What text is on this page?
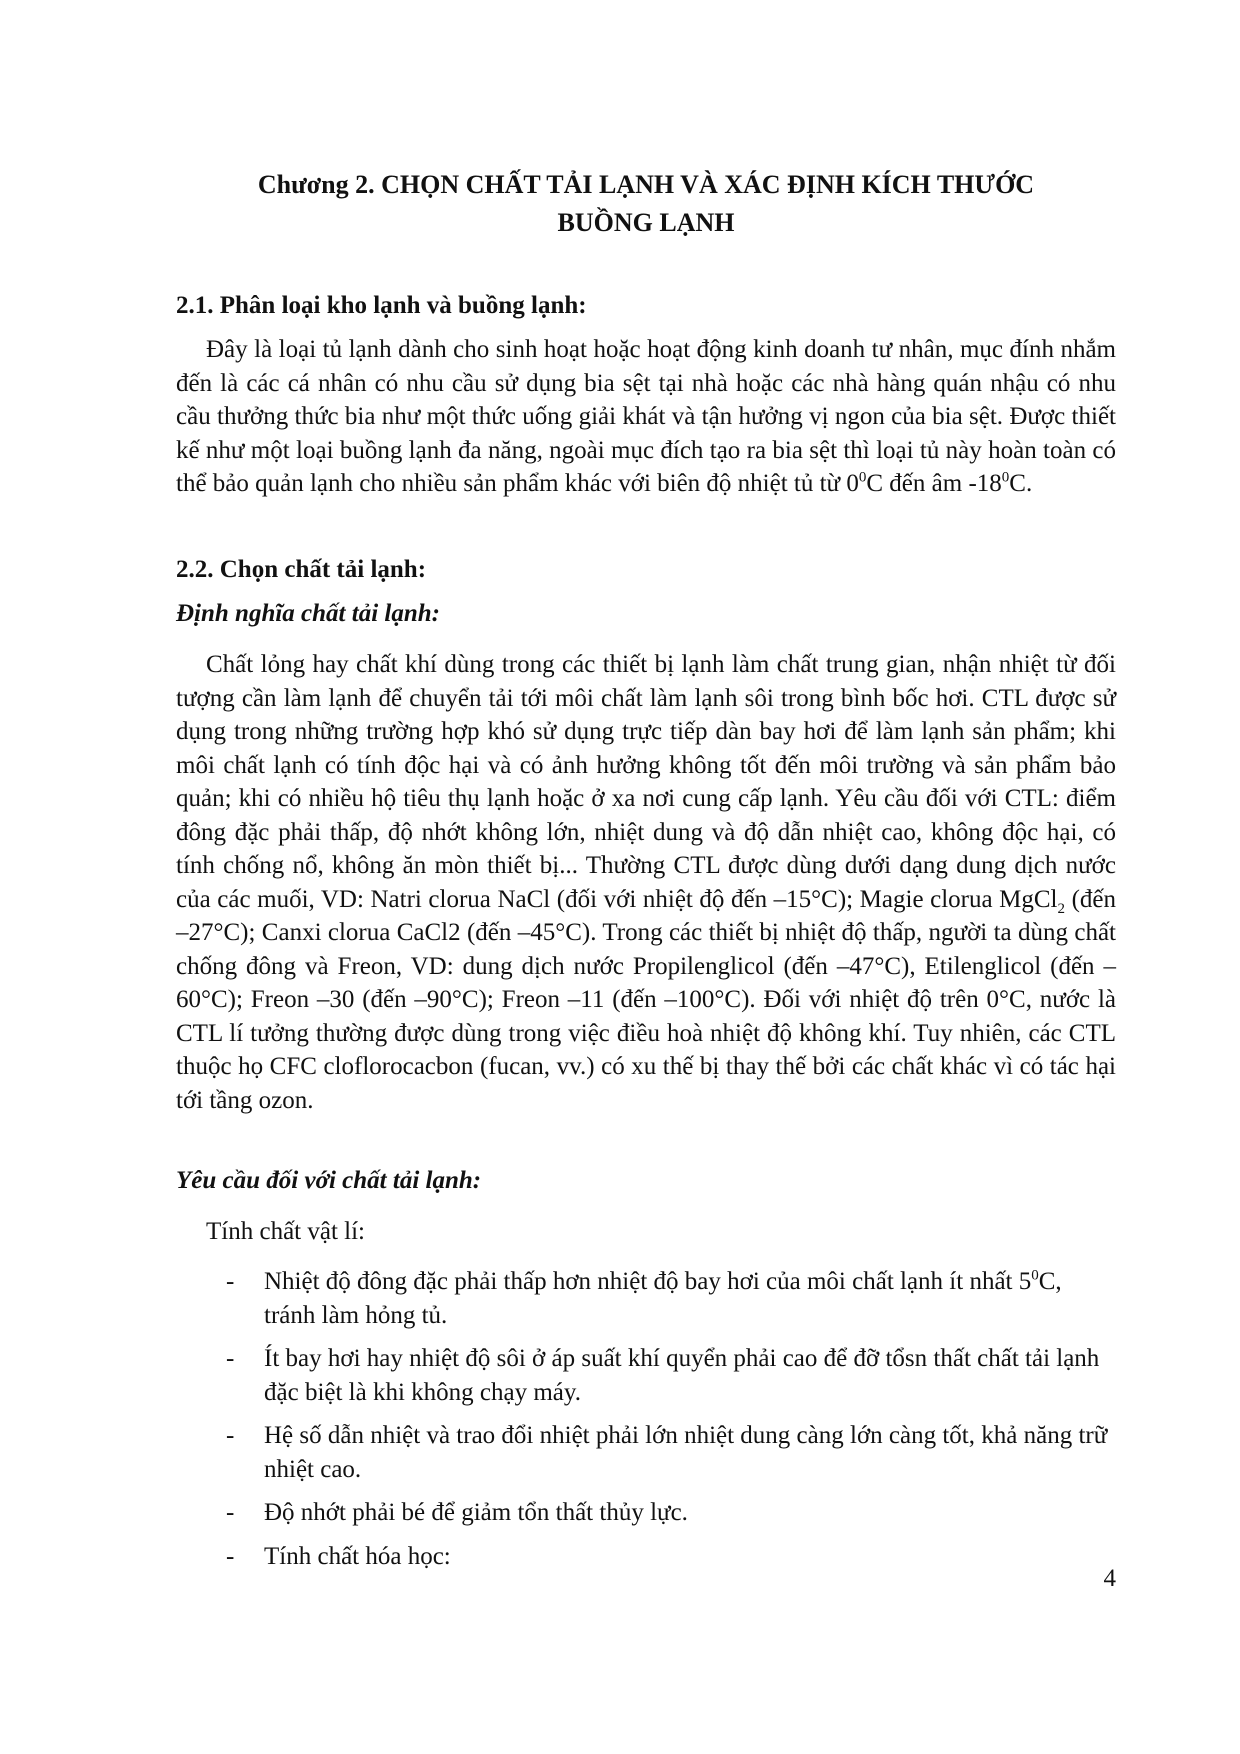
Chương 2. CHỌN CHẤT TẢI LẠNH VÀ XÁC ĐỊNH KÍCH THƯỚC
BUỒNG LẠNH
2.1. Phân loại kho lạnh và buồng lạnh:

Đây là loại tủ lạnh dành cho sinh hoạt hoặc hoạt động kinh doanh tư nhân, mục đính nhắm đến là các cá nhân có nhu cầu sử dụng bia sệt tại nhà hoặc các nhà hàng quán nhậu có nhu cầu thưởng thức bia như một thức uống giải khát và tận hưởng vị ngon của bia sệt. Được thiết kế như một loại buồng lạnh đa năng, ngoài mục đích tạo ra bia sệt thì loại tủ này hoàn toàn có thể bảo quản lạnh cho nhiều sản phẩm khác với biên độ nhiệt tủ từ $0^0C$ đến âm $-18^0C$.

2.2. Chọn chất tải lạnh:
Định nghĩa chất tải lạnh:

Chất lỏng hay chất khí dùng trong các thiết bị lạnh làm chất trung gian, nhận nhiệt từ đối tượng cần làm lạnh để chuyển tải tới môi chất làm lạnh sôi trong bình bốc hơi. CTL được sử dụng trong những trường hợp khó sử dụng trực tiếp dàn bay hơi để làm lạnh sản phẩm; khi môi chất lạnh có tính độc hại và có ảnh hưởng không tốt đến môi trường và sản phẩm bảo quản; khi có nhiều hộ tiêu thụ lạnh hoặc ở xa nơi cung cấp lạnh. Yêu cầu đối với CTL: điểm đông đặc phải thấp, độ nhớt không lớn, nhiệt dung và độ dẫn nhiệt cao, không độc hại, có tính chống nổ, không ăn mòn thiết bị... Thường CTL được dùng dưới dạng dung dịch nước của các muối, VD: Natri clorua NaCl (đối với nhiệt độ đến –15°C); Magie clorua MgCl$_2$ (đến –27°C); Canxi clorua CaCl2 (đến –45°C). Trong các thiết bị nhiệt độ thấp, người ta dùng chất chống đông và Freon, VD: dung dịch nước Propilenglicol (đến –47°C), Etilenglicol (đến –60°C); Freon –30 (đến –90°C); Freon –11 (đến –100°C). Đối với nhiệt độ trên 0°C, nước là CTL lí tưởng thường được dùng trong việc điều hoà nhiệt độ không khí. Tuy nhiên, các CTL thuộc họ CFC cloflorocacbon (fucan, vv.) có xu thế bị thay thế bởi các chất khác vì có tác hại tới tầng ozon.

Yêu cầu đối với chất tải lạnh:

Tính chất vật lí:

- Nhiệt độ đông đặc phải thấp hơn nhiệt độ bay hơi của môi chất lạnh ít nhất $5^0C$, tránh làm hỏng tủ.
- Ít bay hơi hay nhiệt độ sôi ở áp suất khí quyển phải cao để đỡ tổsn thất chất tải lạnh đặc biệt là khi không chạy máy.
- Hệ số dẫn nhiệt và trao đổi nhiệt phải lớn nhiệt dung càng lớn càng tốt, khả năng trữ nhiệt cao.
- Độ nhớt phải bé để giảm tổn thất thủy lực.
- Tính chất hóa học:
4
